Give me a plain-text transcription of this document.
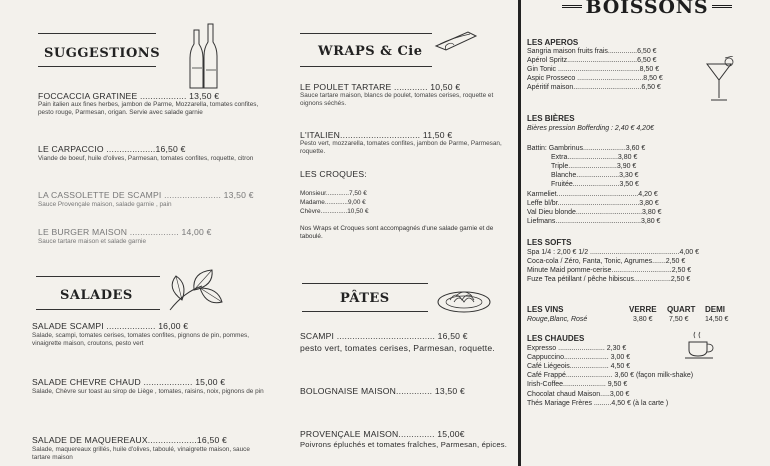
SUGGESTIONS
FOCCACCIA GRATINEE .................. 13,50 €
Pain italien aux fines herbes, jambon de Parme, Mozzarella, tomates confites, pesto rouge, Parmesan, origan. Servie avec salade garnie
LE CARPACCIO ...................16,50 €
Viande de boeuf, huile d'olives, Parmesan, tomates confites, roquette, citron
LA CASSOLETTE DE SCAMPI ...................... 13,50 €
Sauce Provençale maison, salade garnie , pain
LE BURGER MAISON ................... 14,00 €
Sauce tartare maison et salade garnie
SALADES
SALADE SCAMPI ................... 16,00 €
Salade, scampi, tomates cerises, tomates confites, pignons de pin, pommes, vinaigrette maison, croutons, pesto vert
SALADE CHEVRE CHAUD ................... 15,00 €
Salade, Chèvre sur toast au sirop de Liège , tomates, raisins, noix, pignons de pin
SALADE DE MAQUEREAUX...................16,50 €
Salade, maquereaux grillés, huile d'olives, taboulé, vinaigrette maison, sauce tartare maison
WRAPS & Cie
LE POULET TARTARE ............. 10,50 €
Sauce tartare maison, blancs de poulet, tomates cerises, roquette et oignons séchés.
L'ITALIEN............................... 11,50 €
Pesto vert, mozzarella, tomates confites, jambon de Parme, Parmesan, roquette.
LES CROQUES:
Monsieur.............7,50 €
Madame.............9,00 €
Chèvre...............10,50 €
Nos Wraps et Croques sont accompagnés d'une salade garnie et de taboulé.
PÂTES
SCAMPI ...................................... 16,50 €
pesto vert, tomates cerises, Parmesan, roquette.
BOLOGNAISE MAISON.............. 13,50 €
PROVENÇALE MAISON.............. 15,00€
Poivrons épluchés et tomates fraîches, Parmesan, épices.
BOISSONS
LES APEROS
Sangria maison fruits frais...............6,50 €
Apérol Spritz....................................6,50 €
Gin Tonic ..........................................8,50 €
Aspic Prosseco ..................................8,50 €
Apéritif maison...................................6,50 €
LES BIÈRES
Bières pression Bofferding : 2,40 € 4,20€
Battin: Gambrinus......................3,60 €
Extra..........................3,80 €
Triple.........................3,90 €
Blanche......................3,30 €
Fruitée........................3,50 €
Karmeliet..........................................4,20 €
Leffe bl/br..........................................3,80 €
Val Dieu blonde..................................3,80 €
Liefmans............................................3,80 €
LES SOFTS
Spa 1/4 : 2,00 € 1/2 ..............................................4,00 €
Coca-cola / Zéro, Fanta, Tonic, Agrumes.......2,50 €
Minute Maid pomme-cerise...............................2,50 €
Fuze Tea pétillant / pêche hibiscus...................2,50 €
LES VINS	VERRE QUART DEMI
Rouge,Blanc, Rosé	3,80 € 7,50 € 14,50 €
LES CHAUDES
Expresso ........................ 2,30 €
Cappuccino....................... 3,00 €
Café Liégeois.................... 4,50 €
Café Frappé........................ 3,60 € (façon milk-shake)
Irish-Coffee...................... 9,50 €
Chocolat chaud Maison.....3,00 €
Thés Mariage Frères .........4,50 € (à la carte )
